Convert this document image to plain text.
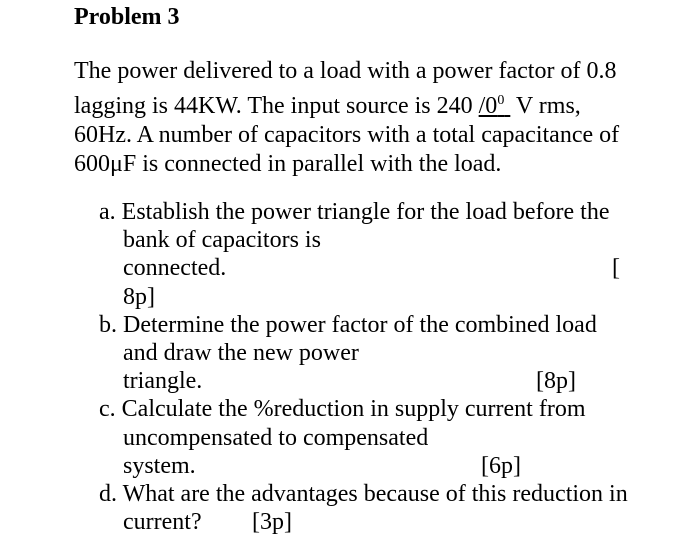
Problem 3
The power delivered to a load with a power factor of 0.8
lagging is 44KW. The input source is 240 $/0^0$  V rms,
60Hz. A number of capacitors with a total capacitance of
600μF is connected in parallel with the load.
a. Establish the power triangle for the load before the
bank of capacitors is
connected.	[
8p]
b. Determine the power factor of the combined load
and draw the new power
triangle.	[8p]
c. Calculate the %reduction in supply current from
uncompensated to compensated
system.	[6p]
d. What are the advantages because of this reduction in
current? [3p]
